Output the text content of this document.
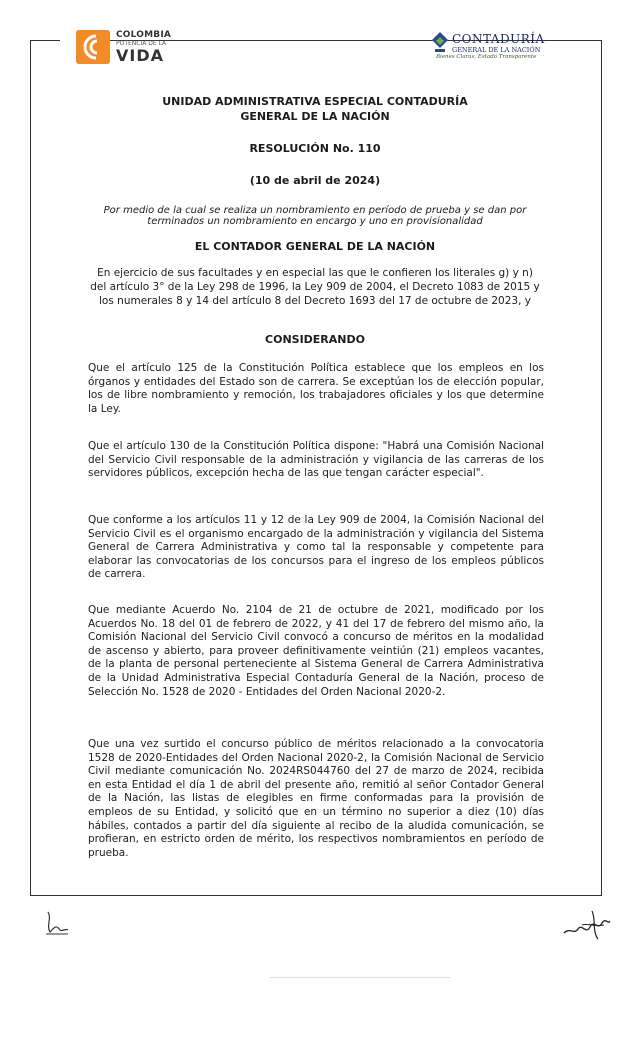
COLOMBIA
POTENCIA DE LA
VIDA
CONTADURÍA
GENERAL DE LA NACIÓN
Bienes Claras, Estado Transparente
UNIDAD ADMINISTRATIVA ESPECIAL CONTADURÍA
GENERAL DE LA NACIÓN
RESOLUCIÓN No. 110
(10 de abril de 2024)
Por medio de la cual se realiza un nombramiento en período de prueba y se dan por terminados un nombramiento en encargo y uno en provisionalidad
EL CONTADOR GENERAL DE LA NACIÓN
En ejercicio de sus facultades y en especial las que le confieren los literales g) y n) del artículo 3° de la Ley 298 de 1996, la Ley 909 de 2004, el Decreto 1083 de 2015 y los numerales 8 y 14 del artículo 8 del Decreto 1693 del 17 de octubre de 2023, y
CONSIDERANDO
Que el artículo 125 de la Constitución Política establece que los empleos en los órganos y entidades del Estado son de carrera. Se exceptúan los de elección popular, los de libre nombramiento y remoción, los trabajadores oficiales y los que determine la Ley.
Que el artículo 130 de la Constitución Política dispone: "Habrá una Comisión Nacional del Servicio Civil responsable de la administración y vigilancia de las carreras de los servidores públicos, excepción hecha de las que tengan carácter especial".
Que conforme a los artículos 11 y 12 de la Ley 909 de 2004, la Comisión Nacional del Servicio Civil es el organismo encargado de la administración y vigilancia del Sistema General de Carrera Administrativa y como tal la responsable y competente para elaborar las convocatorias de los concursos para el ingreso de los empleos públicos de carrera.
Que mediante Acuerdo No. 2104 de 21 de octubre de 2021, modificado por los Acuerdos No. 18 del 01 de febrero de 2022, y 41 del 17 de febrero del mismo año, la Comisión Nacional del Servicio Civil convocó a concurso de méritos en la modalidad de ascenso y abierto, para proveer definitivamente veintiún (21) empleos vacantes, de la planta de personal perteneciente al Sistema General de Carrera Administrativa de la Unidad Administrativa Especial Contaduría General de la Nación, proceso de Selección No. 1528 de 2020 - Entidades del Orden Nacional 2020-2.
Que una vez surtido el concurso público de méritos relacionado a la convocatoria 1528 de 2020-Entidades del Orden Nacional 2020-2, la Comisión Nacional de Servicio Civil mediante comunicación No. 2024RS044760 del 27 de marzo de 2024, recibida en esta Entidad el día 1 de abril del presente año, remitió al señor Contador General de la Nación, las listas de elegibles en firme conformadas para la provisión de empleos de su Entidad, y solicitó que en un término no superior a diez (10) días hábiles, contados a partir del día siguiente al recibo de la aludida comunicación, se profieran, en estricto orden de mérito, los respectivos nombramientos en período de prueba.
